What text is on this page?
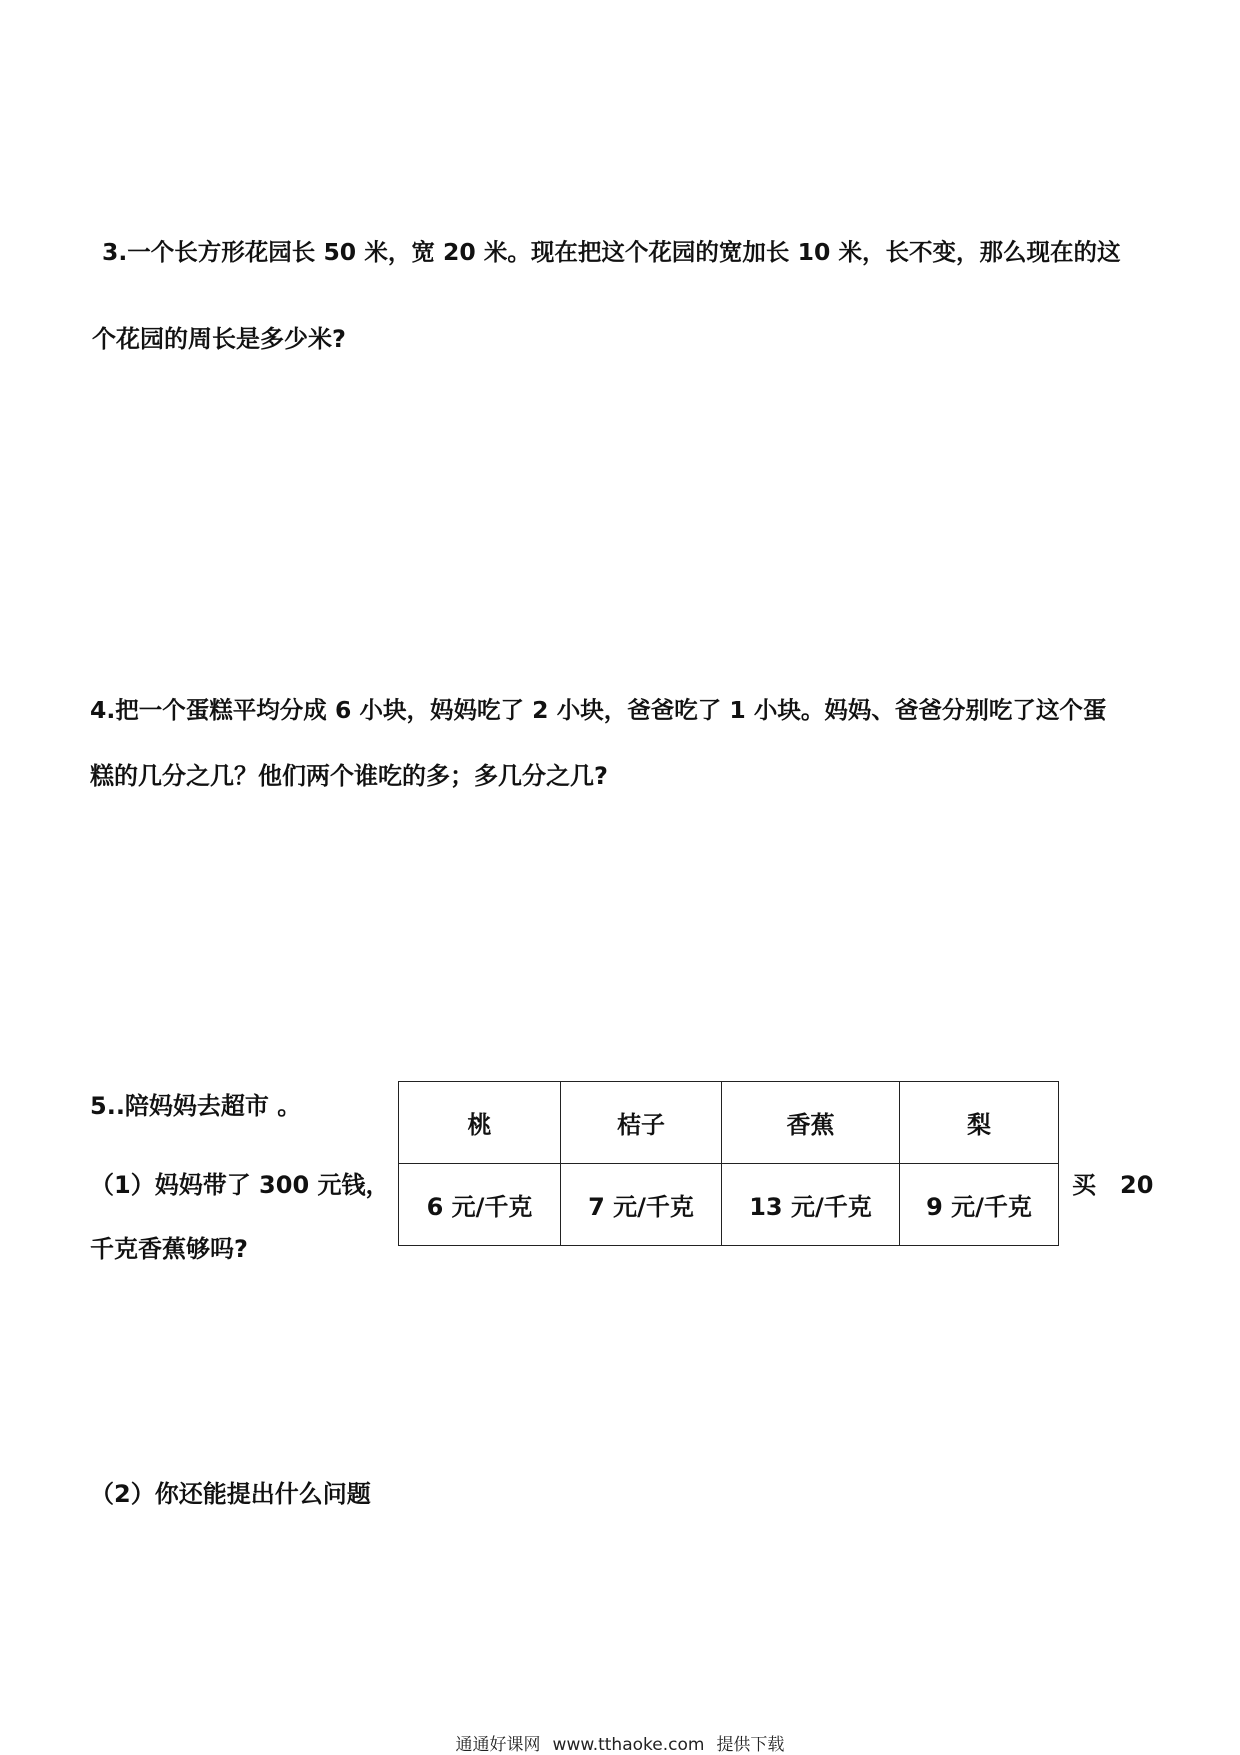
3.一个长方形花园长 50 米，宽 20 米。现在把这个花园的宽加长 10 米，长不变，那么现在的这
个花园的周长是多少米?
4.把一个蛋糕平均分成 6 小块，妈妈吃了 2 小块，爸爸吃了 1 小块。妈妈、爸爸分别吃了这个蛋
糕的几分之几？他们两个谁吃的多；多几分之几?
5..陪妈妈去超市 。
（1）妈妈带了 300 元钱，	买　20
千克香蕉够吗?
桃	桔子	香蕉	梨
6 元/千克	7 元/千克	13 元/千克	9 元/千克
（2）你还能提出什么问题
通通好课网 www.tthaoke.com 提供下载
